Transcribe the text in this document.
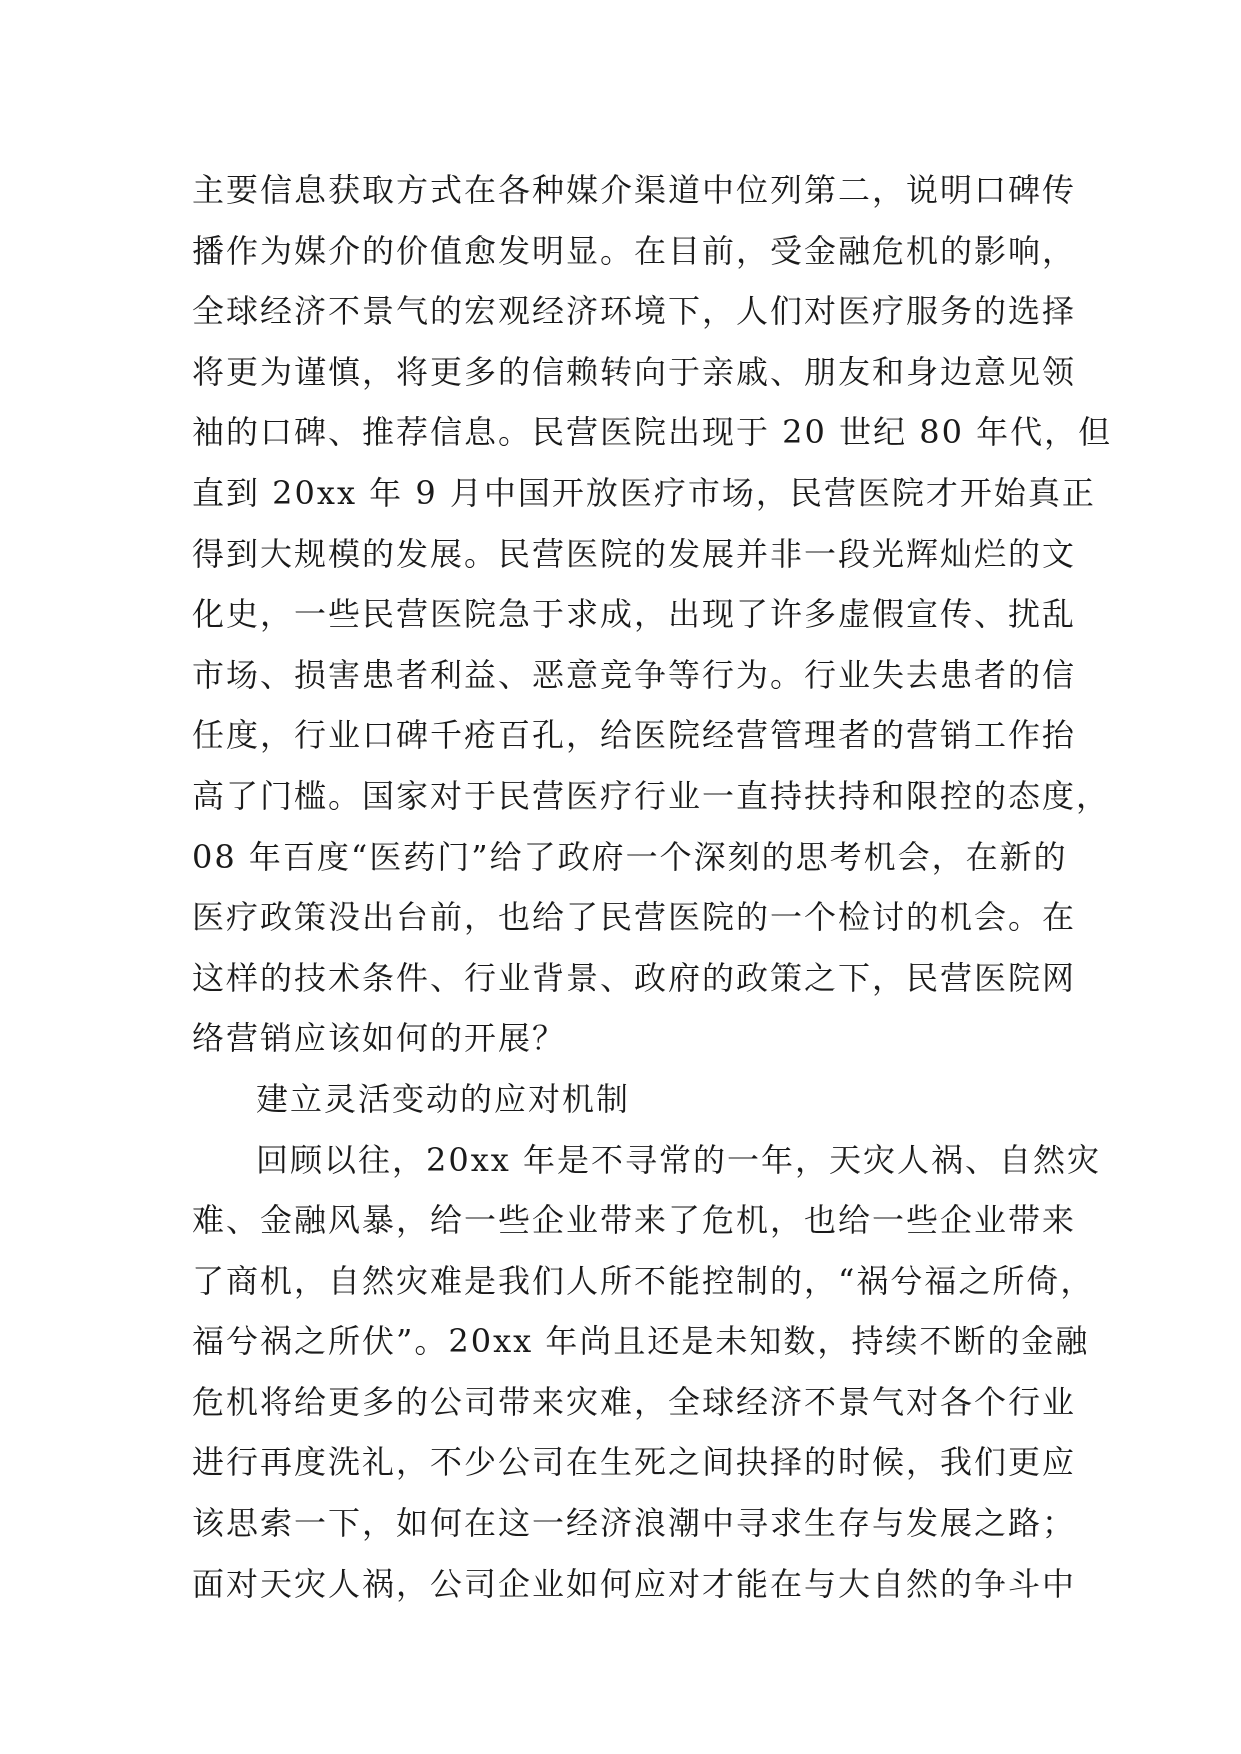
主要信息获取方式在各种媒介渠道中位列第二，说明口碑传
播作为媒介的价值愈发明显。在目前，受金融危机的影响，
全球经济不景气的宏观经济环境下，人们对医疗服务的选择
将更为谨慎，将更多的信赖转向于亲戚、朋友和身边意见领
袖的口碑、推荐信息。民营医院出现于 20 世纪 80 年代，但
直到 20xx 年 9 月中国开放医疗市场，民营医院才开始真正
得到大规模的发展。民营医院的发展并非一段光辉灿烂的文
化史，一些民营医院急于求成，出现了许多虚假宣传、扰乱
市场、损害患者利益、恶意竞争等行为。行业失去患者的信
任度，行业口碑千疮百孔，给医院经营管理者的营销工作抬
高了门槛。国家对于民营医疗行业一直持扶持和限控的态度，
08 年百度“医药门”给了政府一个深刻的思考机会，在新的
医疗政策没出台前，也给了民营医院的一个检讨的机会。在
这样的技术条件、行业背景、政府的政策之下，民营医院网
络营销应该如何的开展？
建立灵活变动的应对机制
回顾以往，20xx 年是不寻常的一年，天灾人祸、自然灾
难、金融风暴，给一些企业带来了危机，也给一些企业带来
了商机，自然灾难是我们人所不能控制的，“祸兮福之所倚，
福兮祸之所伏”。20xx 年尚且还是未知数，持续不断的金融
危机将给更多的公司带来灾难，全球经济不景气对各个行业
进行再度洗礼，不少公司在生死之间抉择的时候，我们更应
该思索一下，如何在这一经济浪潮中寻求生存与发展之路；
面对天灾人祸，公司企业如何应对才能在与大自然的争斗中
